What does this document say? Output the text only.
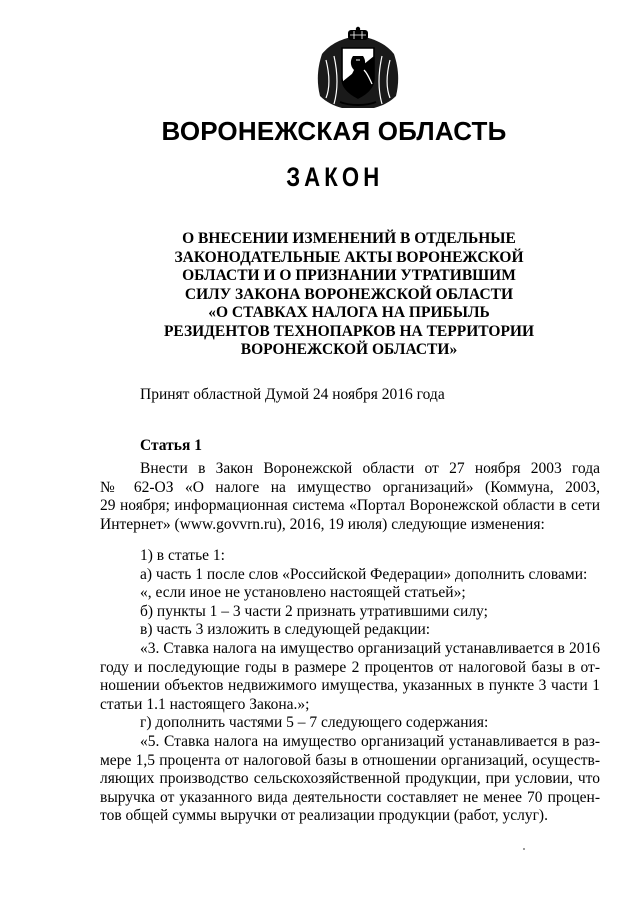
ВОРОНЕЖСКАЯ ОБЛАСТЬ
ЗАКОН
О ВНЕСЕНИИ ИЗМЕНЕНИЙ В ОТДЕЛЬНЫЕ
ЗАКОНОДАТЕЛЬНЫЕ АКТЫ ВОРОНЕЖСКОЙ
ОБЛАСТИ И О ПРИЗНАНИИ УТРАТИВШИМ
СИЛУ ЗАКОНА ВОРОНЕЖСКОЙ ОБЛАСТИ
«О СТАВКАХ НАЛОГА НА ПРИБЫЛЬ
РЕЗИДЕНТОВ ТЕХНОПАРКОВ НА ТЕРРИТОРИИ
ВОРОНЕЖСКОЙ ОБЛАСТИ»
Принят областной Думой 24 ноября 2016 года
Статья 1
Внести в Закон Воронежской области от 27 ноября 2003 года
№ 62-ОЗ «О налоге на имущество организаций» (Коммуна, 2003,
29 ноября; информационная система «Портал Воронежской области в сети
Интернет» (www.govvrn.ru), 2016, 19 июля) следующие изменения:
1) в статье 1:
а) часть 1 после слов «Российской Федерации» дополнить словами:
«, если иное не установлено настоящей статьей»;
б) пункты 1 – 3 части 2 признать утратившими силу;
в) часть 3 изложить в следующей редакции:
«3. Ставка налога на имущество организаций устанавливается в 2016
году и последующие годы в размере 2 процентов от налоговой базы в от-
ношении объектов недвижимого имущества, указанных в пункте 3 части 1
статьи 1.1 настоящего Закона.»;
г) дополнить частями 5 – 7 следующего содержания:
«5. Ставка налога на имущество организаций устанавливается в раз-
мере 1,5 процента от налоговой базы в отношении организаций, осуществ-
ляющих производство сельскохозяйственной продукции, при условии, что
выручка от указанного вида деятельности составляет не менее 70 процен-
тов общей суммы выручки от реализации продукции (работ, услуг).
